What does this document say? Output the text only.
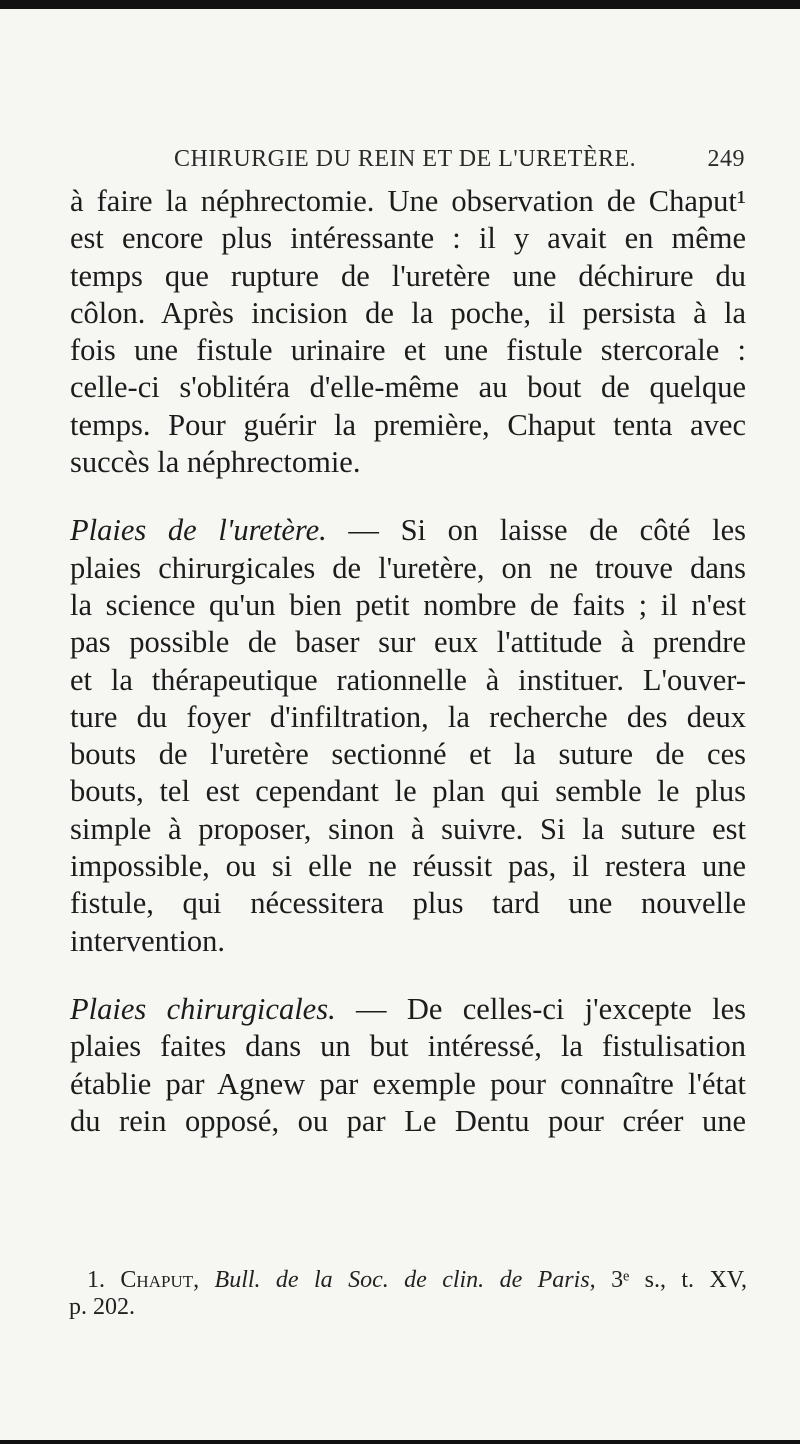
CHIRURGIE DU REIN ET DE L'URETÈRE.	249
à faire la néphrectomie. Une observation de Chaput¹
est encore plus intéressante : il y avait en même
temps que rupture de l'uretère une déchirure du
côlon. Après incision de la poche, il persista à la
fois une fistule urinaire et une fistule stercorale :
celle-ci s'oblitéra d'elle-même au bout de quelque
temps. Pour guérir la première, Chaput tenta avec
succès la néphrectomie.
Plaies de l'uretère. — Si on laisse de côté les
plaies chirurgicales de l'uretère, on ne trouve dans
la science qu'un bien petit nombre de faits ; il n'est
pas possible de baser sur eux l'attitude à prendre
et la thérapeutique rationnelle à instituer. L'ouver-
ture du foyer d'infiltration, la recherche des deux
bouts de l'uretère sectionné et la suture de ces
bouts, tel est cependant le plan qui semble le plus
simple à proposer, sinon à suivre. Si la suture est
impossible, ou si elle ne réussit pas, il restera une
fistule, qui nécessitera plus tard une nouvelle
intervention.
Plaies chirurgicales. — De celles-ci j'excepte les
plaies faites dans un but intéressé, la fistulisation
établie par Agnew par exemple pour connaître l'état
du rein opposé, ou par Le Dentu pour créer une
1. Chaput, Bull. de la Soc. de clin. de Paris, 3ᵉ s., t. XV,
p. 202.
